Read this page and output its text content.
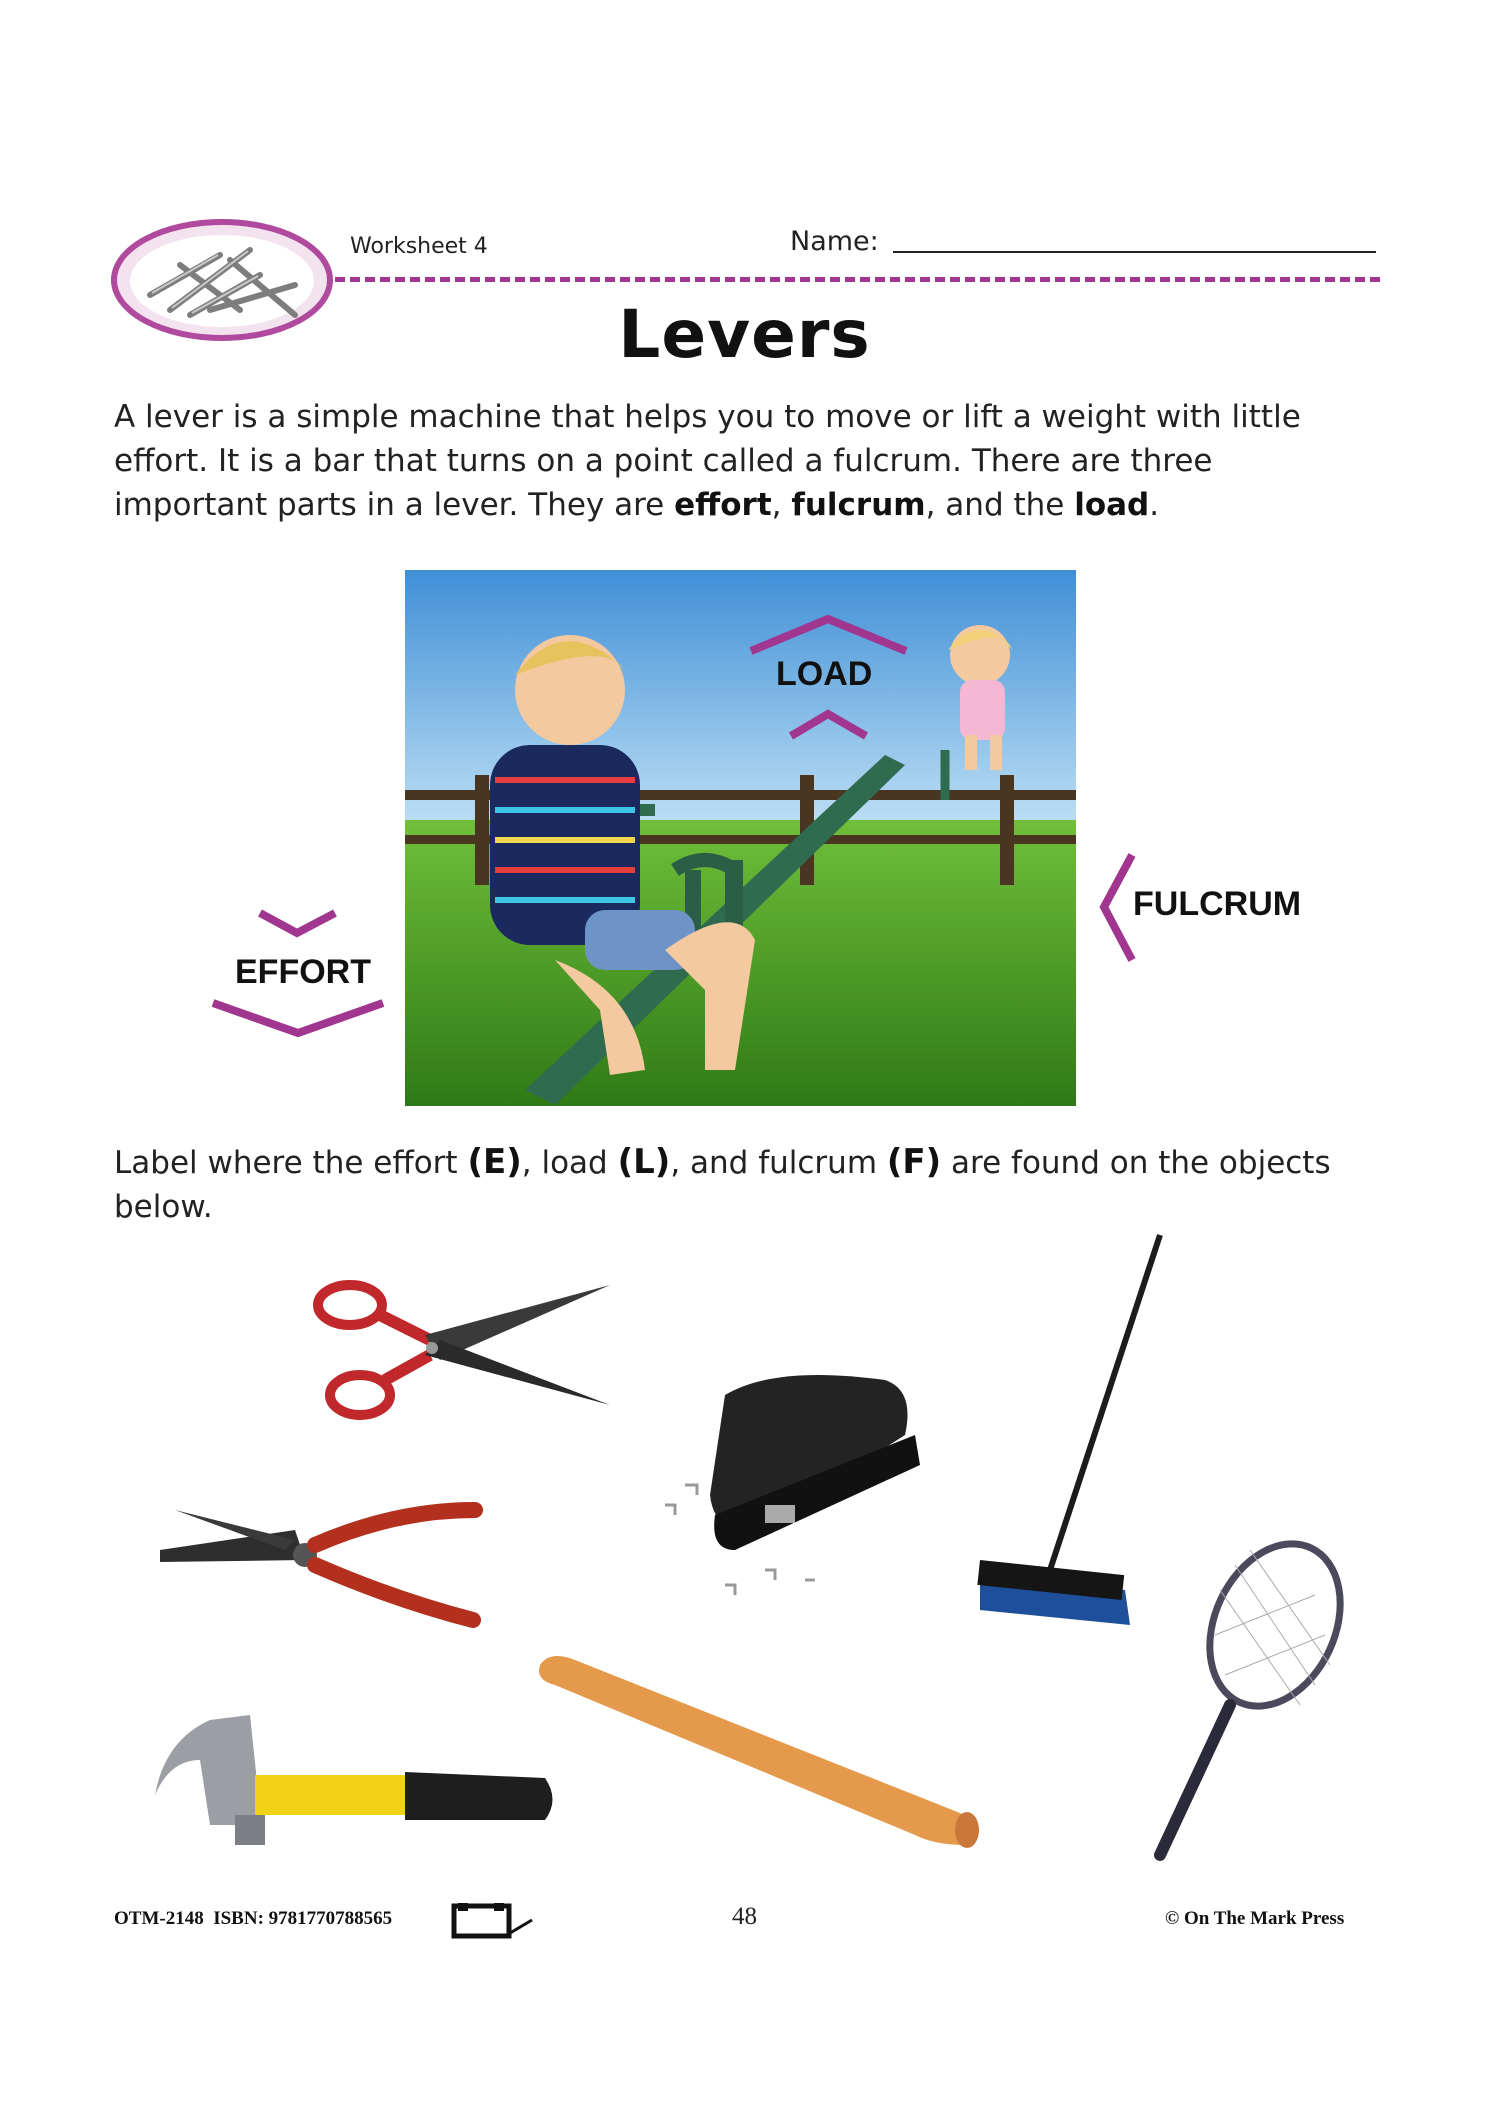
Worksheet 4	Name:
Levers
A lever is a simple machine that helps you to move or lift a weight with little effort. It is a bar that turns on a point called a fulcrum. There are three important parts in a lever. They are effort, fulcrum, and the load.
LOAD
FULCRUM
EFFORT
Label where the effort (E), load (L), and fulcrum (F) are found on the objects below.
OTM-2148  ISBN: 9781770788565	48	© On The Mark Press
